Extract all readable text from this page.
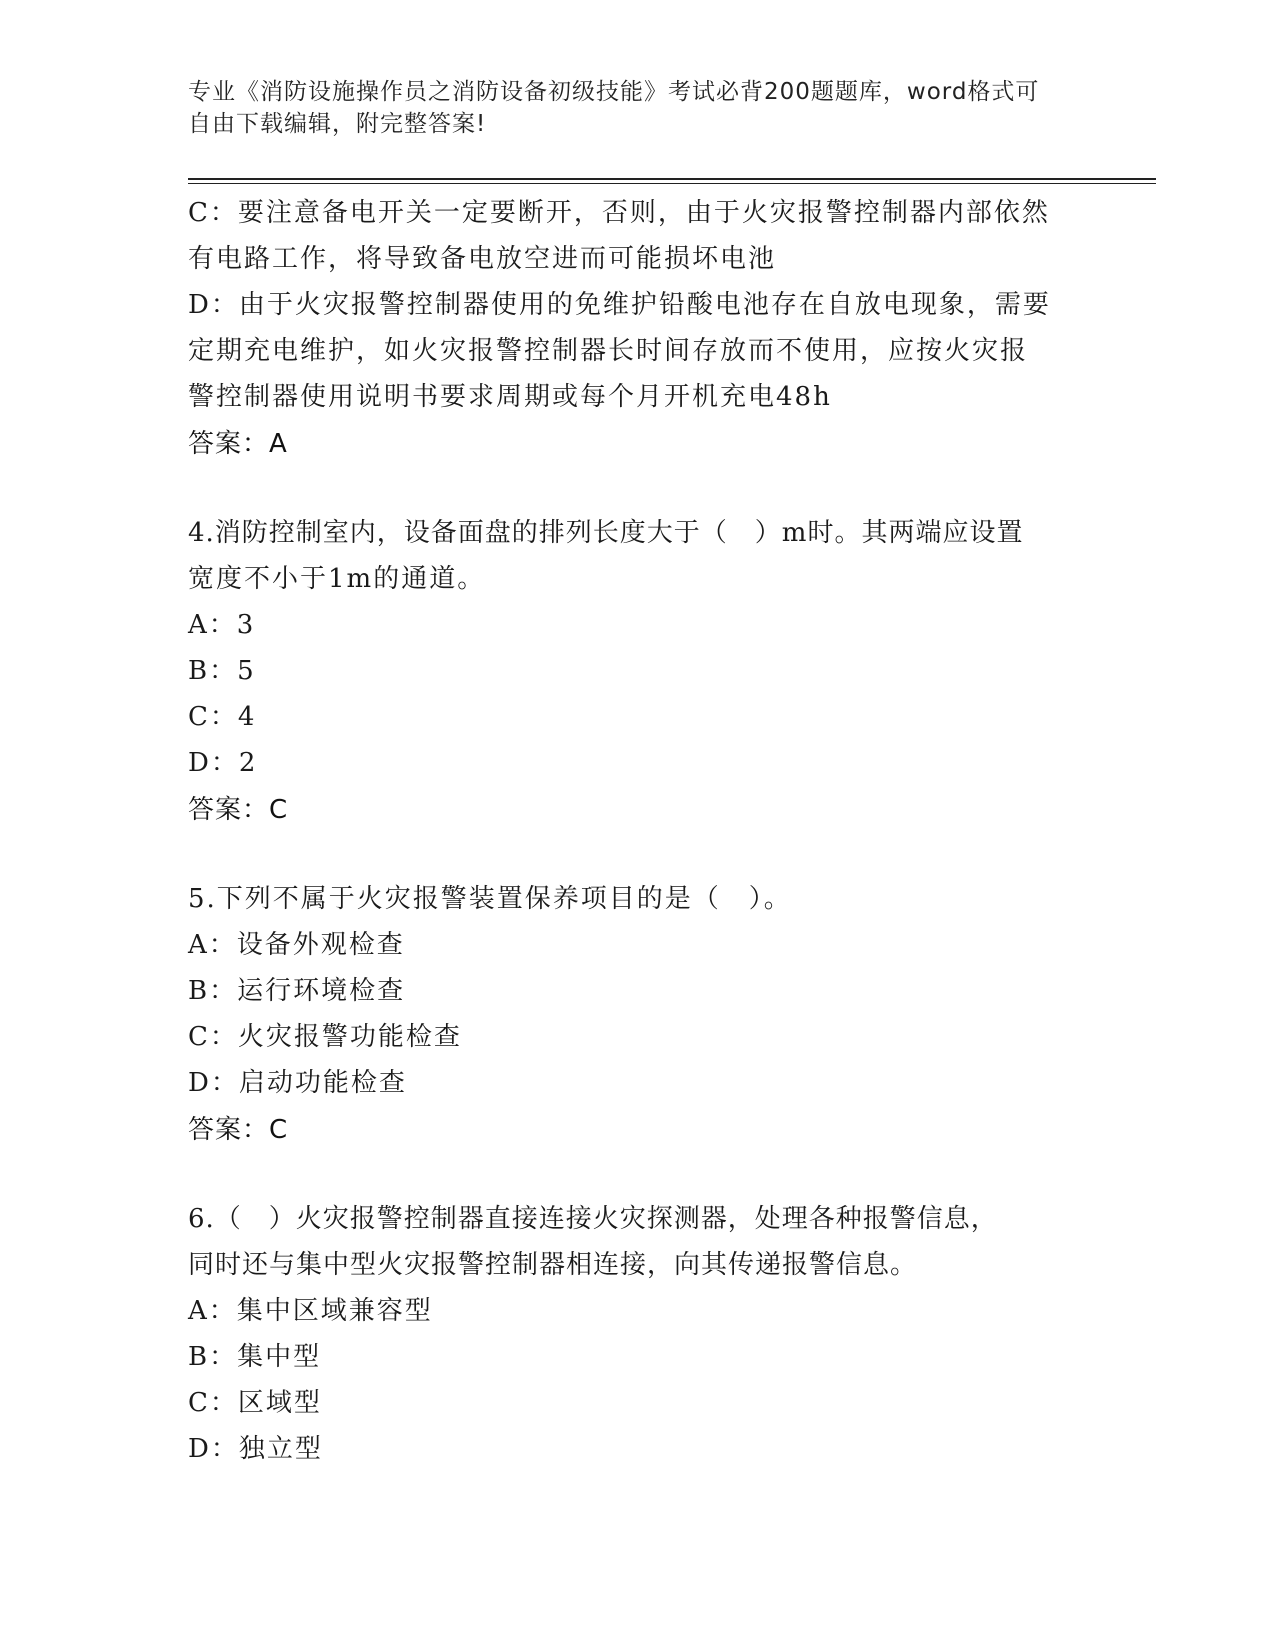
专业《消防设施操作员之消防设备初级技能》考试必背200题题库，word格式可

自由下载编辑，附完整答案!

C：要注意备电开关一定要断开，否则，由于火灾报警控制器内部依然
有电路工作，将导致备电放空进而可能损坏电池
D：由于火灾报警控制器使用的免维护铅酸电池存在自放电现象，需要
定期充电维护，如火灾报警控制器长时间存放而不使用，应按火灾报
警控制器使用说明书要求周期或每个月开机充电48h
答案：A
4.消防控制室内，设备面盘的排列长度大于（　）m时。其两端应设置
宽度不小于1m的通道。
A：3
B：5
C：4
D：2
答案：C
5.下列不属于火灾报警装置保养项目的是（　）。
A：设备外观检查
B：运行环境检查
C：火灾报警功能检查
D：启动功能检查
答案：C
6.（　）火灾报警控制器直接连接火灾探测器，处理各种报警信息，
同时还与集中型火灾报警控制器相连接，向其传递报警信息。
A：集中区域兼容型
B：集中型
C：区域型
D：独立型
